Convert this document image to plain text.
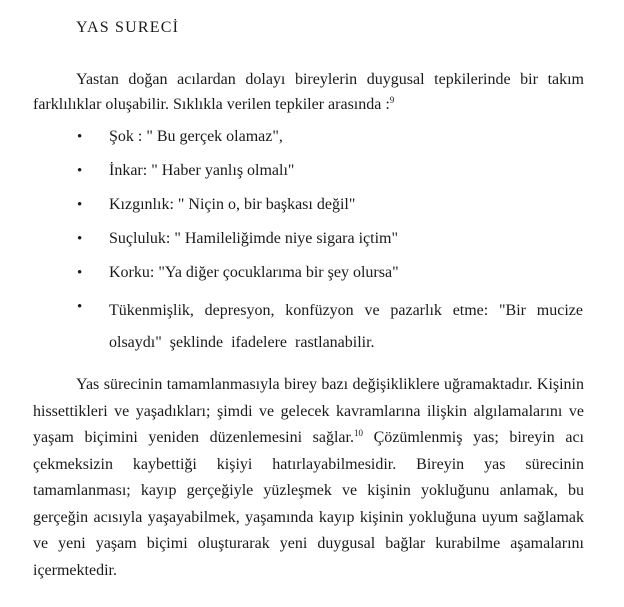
YAS SURECİ

Yastan doğan acılardan dolayı bireylerin duygusal tepkilerinde bir takım farklılıklar oluşabilir. Sıklıkla verilen tepkiler arasında :$^9$

• Şok : " Bu gerçek olamaz",
• İnkar: " Haber yanlış olmalı"
• Kızgınlık: " Niçin o, bir başkası değil"
• Suçluluk: " Hamileliğimde niye sigara içtim"
• Korku: "Ya diğer çocuklarıma bir şey olursa"
• Tükenmişlik, depresyon, konfüzyon ve pazarlık etme: "Bir mucize olsaydı" şeklinde ifadelere rastlanabilir.

Yas sürecinin tamamlanmasıyla birey bazı değişikliklere uğramaktadır. Kişinin hissettikleri ve yaşadıkları; şimdi ve gelecek kavramlarına ilişkin algılamalarını ve yaşam biçimini yeniden düzenlemesini sağlar.$^{10}$ Çözümlenmiş yas; bireyin acı çekmeksizin kaybettiği kişiyi hatırlayabilmesidir. Bireyin yas sürecinin tamamlanması; kayıp gerçeğiyle yüzleşmek ve kişinin yokluğunu anlamak, bu gerçeğin acısıyla yaşayabilmek, yaşamında kayıp kişinin yokluğuna uyum sağlamak ve yeni yaşam biçimi oluşturarak yeni duygusal bağlar kurabilme aşamalarını içermektedir.
